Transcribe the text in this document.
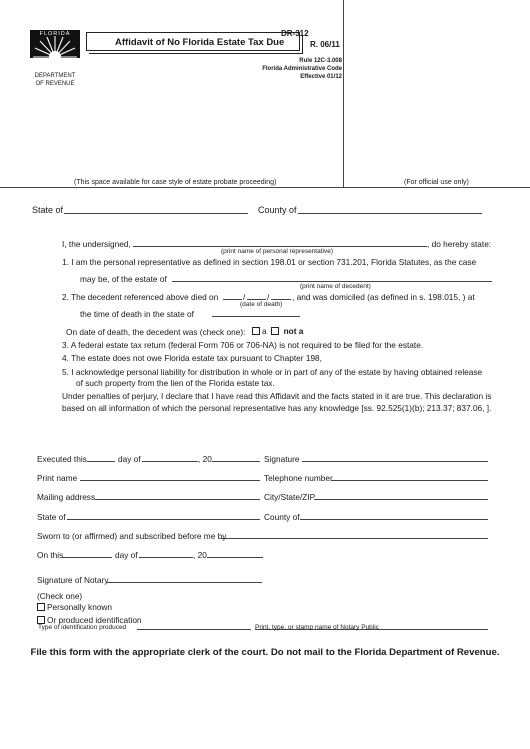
FLORIDA
DEPARTMENT
OF REVENUE
Affidavit of No Florida Estate Tax Due
DR-312
R. 06/11
Rule 12C-3.008
Florida Administrative Code
Effective 01/12
(This space available for case style of estate probate proceeding)	(For official use only)
State of	County of
I, the undersigned,	, do hereby state:
(print name of personal representative)
1. I am the personal representative as defined in section 198.01 or section 731.201, Florida Statutes, as the case
may be, of the estate of
(print name of decedent)
2. The decedent referenced above died on	/	/	, and was domiciled (as defined in s. 198.015, ) at
(date of death)
the time of death in the state of
On date of death, the decedent was (check one):	a not a
3. A federal estate tax return (federal Form 706 or 706-NA) is not required to be filed for the estate.
4. The estate does not owe Florida estate tax pursuant to Chapter 198,
5. I acknowledge personal liability for distribution in whole or in part of any of the estate by having obtained release
of such property from the lien of the Florida estate tax.
Under penalties of perjury, I declare that I have read this Affidavit and the facts stated in it are true. This declaration is
based on all information of which the personal representative has any knowledge [ss. 92.525(1)(b); 213.37; 837.06, ].
Executed this	day of	, 20	Signature
Print name	Telephone number
Mailing address	City/State/ZIP
State of	County of
Sworn to (or affirmed) and subscribed before me by
On this	day of	, 20
Signature of Notary
(Check one)
Personally known
Or produced identification
Type of identification produced	Print, type, or stamp name of Notary Public
File this form with the appropriate clerk of the court. Do not mail to the Florida Department of Revenue.
